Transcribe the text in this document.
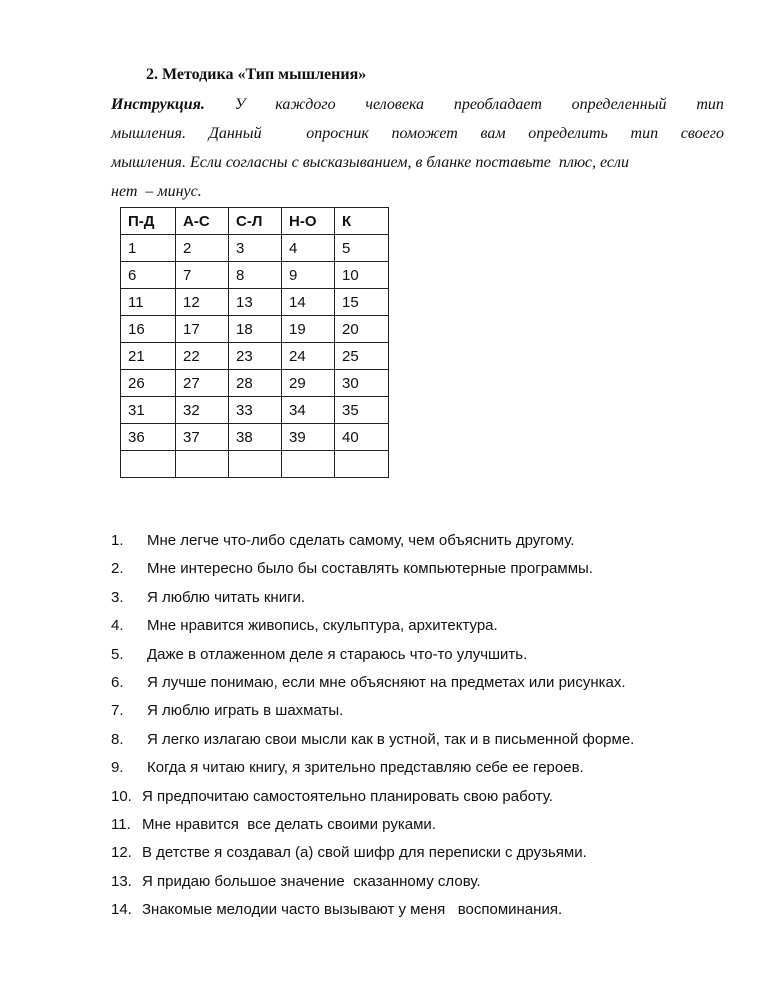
2. Методика «Тип мышления»
Инструкция. У каждого человека преобладает определенный тип
мышления. Данный	опросник поможет вам определить тип своего
мышления. Если согласны с высказыванием, в бланке поставьте  плюс, если
нет  – минус.
П-Д	А-С	С-Л	Н-О	К
1	2	3	4	5
6	7	8	9	10
11	12	13	14	15
16	17	18	19	20
21	22	23	24	25
26	27	28	29	30
31	32	33	34	35
36	37	38	39	40

1. Мне легче что-либо сделать самому, чем объяснить другому.
2. Мне интересно было бы составлять компьютерные программы.
3. Я люблю читать книги.
4. Мне нравится живопись, скульптура, архитектура.
5. Даже в отлаженном деле я стараюсь что-то улучшить.
6. Я лучше понимаю, если мне объясняют на предметах или рисунках.
7. Я люблю играть в шахматы.
8. Я легко излагаю свои мысли как в устной, так и в письменной форме.
9. Когда я читаю книгу, я зрительно представляю себе ее героев.
10. Я предпочитаю самостоятельно планировать свою работу.
11. Мне нравится  все делать своими руками.
12. В детстве я создавал (а) свой шифр для переписки с друзьями.
13. Я придаю большое значение  сказанному слову.
14. Знакомые мелодии часто вызывают у меня   воспоминания.
